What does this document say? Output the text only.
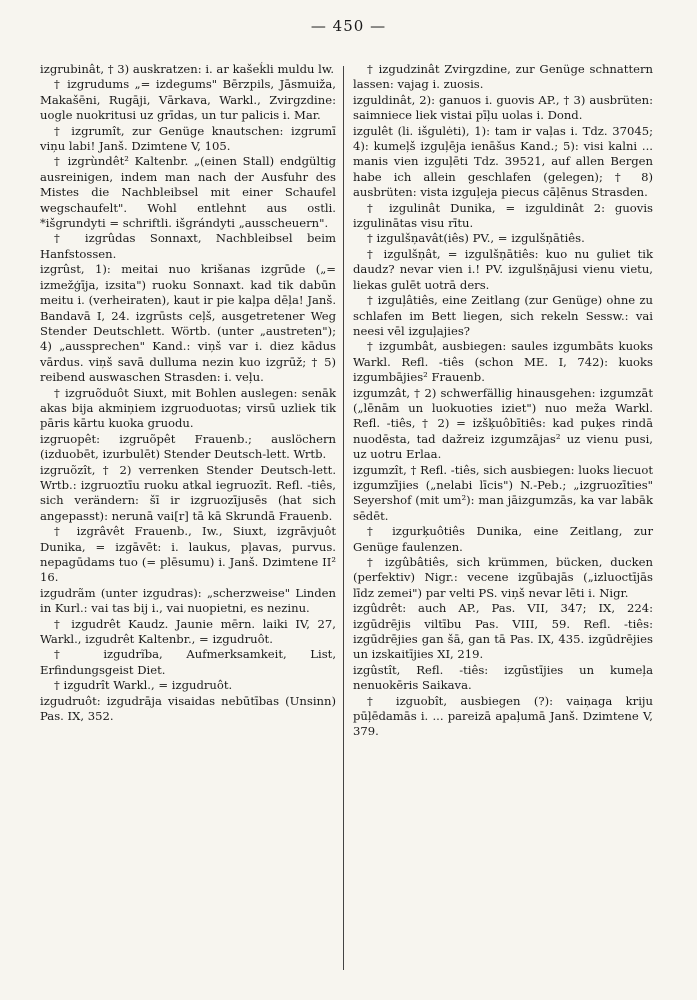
— 450 —

izgrubinât, † 3) auskratzen: i. ar kašeḱli muldu lw.

† izgrudums „= izdegums" Bērzpils, Jāsmuiža, Makašēni, Rugāji, Vārkava, Warkl., Zvirgzdine: uogle nuokritusi uz grīdas, un tur palicis i. Mar.

† izgrumît, zur Genüge knautschen: izgrumī viņu labi! Janš. Dzimtene V, 105.

† izgrùndêt² Kaltenbr. „(einen Stall) endgültig ausreinigen, indem man nach der Ausfuhr des Mistes die Nachbleibsel mit einer Schaufel wegschaufelt". Wohl entlehnt aus ostli. *išgrundyti = schriftli. išgrándyti „ausscheuern".

† izgrûdas Sonnaxt, Nachbleibsel beim Hanfstossen.

izgrûst, 1): meitai nuo krišanas izgrūde („= izmežģīja, izsita") ruoku Sonnaxt. kad tik dabūn meitu i. (verheiraten), kaut ir pie kaļpa dēļa! Janš. Bandavā I, 24. izgrūsts ceļš, ausgetretener Weg Stender Deutschlett. Wörtb. (unter „austreten"); 4) „aussprechen" Kand.: viņš var i. diez kādus vārdus. viņš savā dulluma nezin kuo izgrūž; † 5) reibend auswaschen Strasden: i. veļu.

† izgruõduôt Siuxt, mit Bohlen auslegen: senāk akas bija akmiņiem izgruoduotas; virsū uzliek tik pāris kārtu kuoka gruodu.

izgruopêt: izgruõpêt Frauenb.; auslöchern (izduobēt, izurbulēt) Stender Deutsch-lett. Wrtb.

izgruõzît, † 2) verrenken Stender Deutsch-lett. Wrtb.: izgruoztīu ruoku atkal iegruozīt. Refl. -tiês, sich verändern: šī ir izgruozījusēs (hat sich angepasst): nerunā vai[r] tā kā Skrundā Frauenb.

† izgrâvêt Frauenb., Iw., Siuxt, izgrāvjuôt Dunika, = izgāvēt: i. laukus, pļavas, purvus. nepagūdams tuo (= plēsumu) i. Janš. Dzimtene II² 16.

izgudrãm (unter izgudras): „scherzweise" Linden in Kurl.: vai tas bij i., vai nuopietni, es nezinu.

† izgudrêt Kaudz. Jaunie mērn. laiki IV, 27, Warkl., izgudrêt Kaltenbr., = izgudruôt.

† izgudrĩba, Aufmerksamkeit, List, Erfindungsgeist Diet.

† izgudrît Warkl., = izgudruôt.

izgudruôt: izgudrāja visaidas nebūtības (Unsinn) Pas. IX, 352.

† izgudzinât Zvirgzdine, zur Genüge schnattern lassen: vajag i. zuosis.

izguldinât, 2): ganuos i. guovis AP., † 3) ausbrüten: saimniece liek vistai pīļu uolas i. Dond.

izgulêt (li. išgulėti), 1): tam ir vaļas i. Tdz. 37045; 4): kumeļš izguļēja ienāšus Kand.; 5): visi kalni ... manis vien izguļēti Tdz. 39521, auf allen Bergen habe ich allein geschlafen (gelegen); † 8) ausbrüten: vista izguļeja piecus cāļēnus Strasden.

† izgulinât Dunika, = izguldinât 2: guovis izgulinātas visu rītu.

† izgulšņavât(iês) PV., = izgulšņātiês.

† izgulšņât, = izgulšņātiês: kuo nu guliet tik daudz? nevar vien i.! PV. izgulšņājusi vienu vietu, liekas gulēt uotrā ders.

† izguļâtiês, eine Zeitlang (zur Genüge) ohne zu schlafen im Bett liegen, sich rekeln Sessw.: vai neesi vēl izguļajies?

† izgumbât, ausbiegen: saules izgumbāts kuoks Warkl. Refl. -tiês (schon ME. I, 742): kuoks izgumbājies² Frauenb.

izgumzât, † 2) schwerfällig hinausgehen: izgumzāt („lēnām un luokuoties iziet") nuo meža Warkl. Refl. -tiês, † 2) = izšķuôbītiês: kad puķes rindā nuodēsta, tad dažreiz izgumzājas² uz vienu pusi, uz uotru Erlaa.

izgumzît, † Refl. -tiês, sich ausbiegen: luoks liecuot izgumzījies („nelabi līcis") N.-Peb.; „izgruozīties" Seyershof (mit um²): man jāizgumzās, ka var labāk sēdēt.

† izgurķuôtiês Dunika, eine Zeitlang, zur Genüge faulenzen.

† izgûbâtiês, sich krümmen, bücken, ducken (perfektiv) Nigr.: vecene izgūbajās („izluoctījās līdz zemei") par velti PS. viņš nevar lēti i. Nigr.

izgûdrêt: auch AP., Pas. VII, 347; IX, 224: izgūdrējis viltību Pas. VIII, 59. Refl. -tiês: izgūdrējies gan šā, gan tā Pas. IX, 435. izgūdrējies un izskaitījies XI, 219.

izgûstît, Refl. -tiês: izgūstījies un kumeļa nenuokēris Saikava.

† izguobît, ausbiegen (?): vaiņaga kriju pūļēdamās i. ... pareizā apaļumā Janš. Dzimtene V, 379.
